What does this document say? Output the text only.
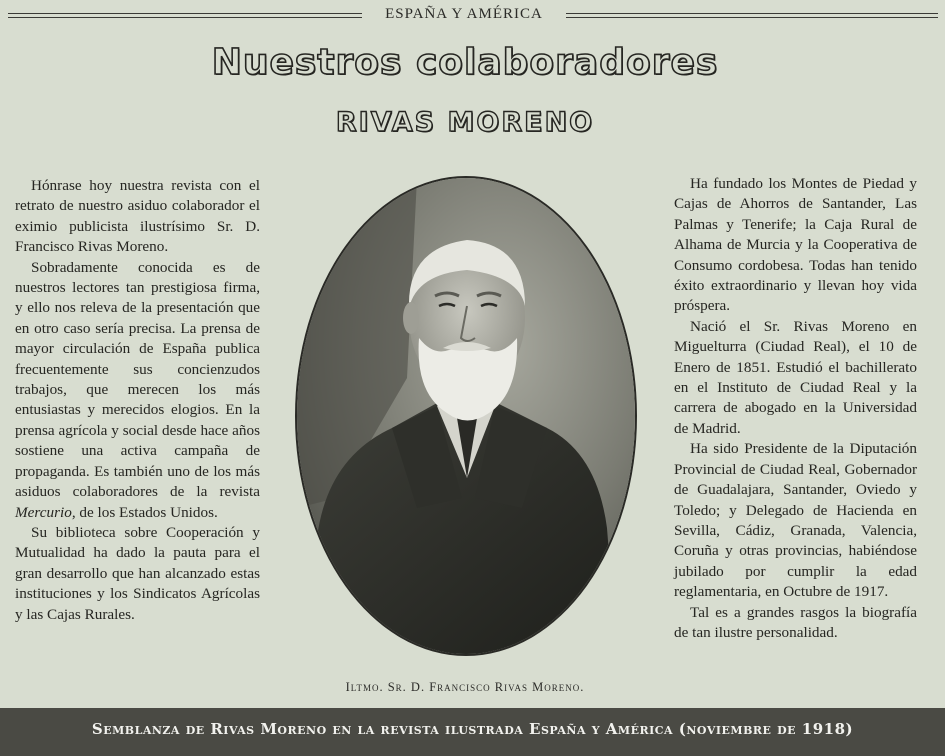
ESPAÑA Y AMÉRICA
Nuestros colaboradores
RIVAS MORENO

Hónrase hoy nuestra revista con el retrato de nuestro asiduo colaborador el eximio publicista ilustrísimo Sr. D. Francisco Rivas Moreno.

Sobradamente conocida es de nuestros lectores tan prestigiosa firma, y ello nos releva de la presentación que en otro caso sería precisa. La prensa de mayor circulación de España publica frecuentemente sus concienzudos trabajos, que merecen los más entusiastas y merecidos elogios. En la prensa agrícola y social desde hace años sostiene una activa campaña de propaganda. Es también uno de los más asiduos colaboradores de la revista Mercurio, de los Estados Unidos.

Su biblioteca sobre Cooperación y Mutualidad ha dado la pauta para el gran desarrollo que han alcanzado estas instituciones y los Sindicatos Agrícolas y las Cajas Rurales.

Iltmo. Sr. D. Francisco Rivas Moreno.

Ha fundado los Montes de Piedad y Cajas de Ahorros de Santander, Las Palmas y Tenerife; la Caja Rural de Alhama de Murcia y la Cooperativa de Consumo cordobesa. Todas han tenido éxito extraordinario y llevan hoy vida próspera.

Nació el Sr. Rivas Moreno en Miguelturra (Ciudad Real), el 10 de Enero de 1851. Estudió el bachillerato en el Instituto de Ciudad Real y la carrera de abogado en la Universidad de Madrid.

Ha sido Presidente de la Diputación Provincial de Ciudad Real, Gobernador de Guadalajara, Santander, Oviedo y Toledo; y Delegado de Hacienda en Sevilla, Cádiz, Granada, Valencia, Coruña y otras provincias, habiéndose jubilado por cumplir la edad reglamentaria, en Octubre de 1917.

Tal es a grandes rasgos la biografía de tan ilustre personalidad.

Semblanza de Rivas Moreno en la revista ilustrada España y América (noviembre de 1918)
